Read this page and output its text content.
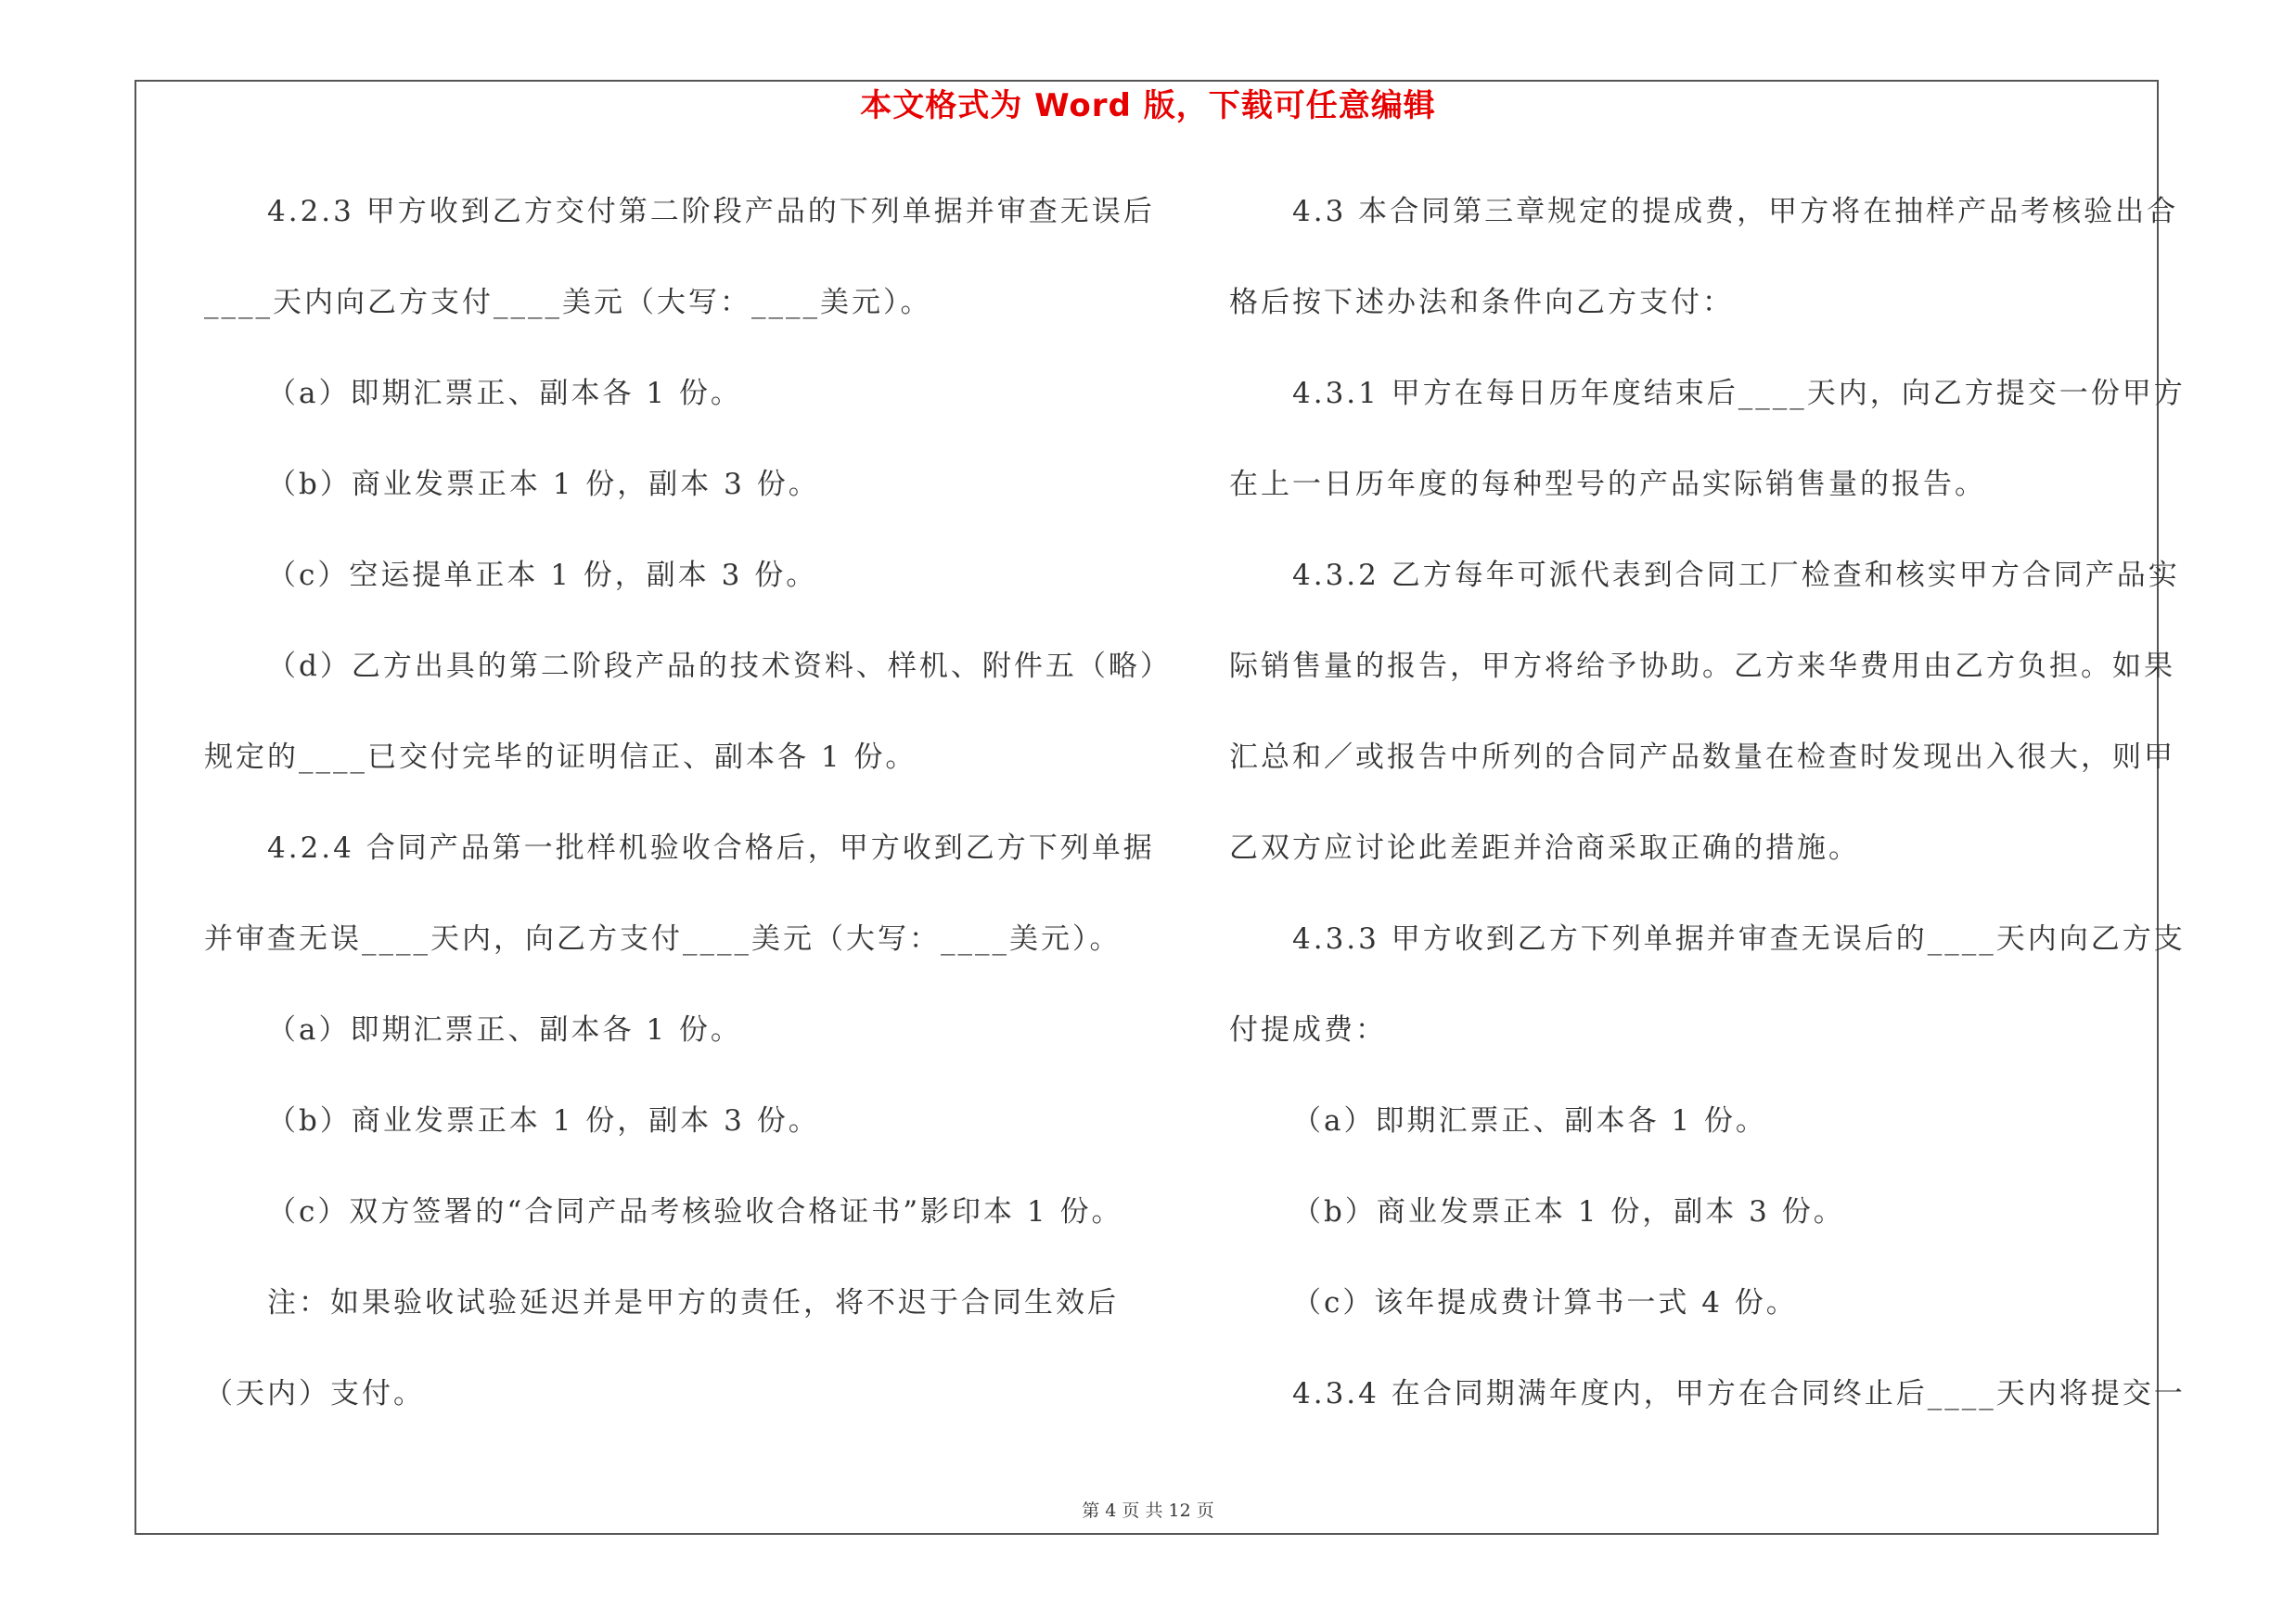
本文格式为 Word 版，下载可任意编辑
4.2.3 甲方收到乙方交付第二阶段产品的下列单据并审查无误后
____天内向乙方支付____美元（大写：____美元）。
（a）即期汇票正、副本各 1 份。
（b）商业发票正本 1 份，副本 3 份。
（c）空运提单正本 1 份，副本 3 份。
（d）乙方出具的第二阶段产品的技术资料、样机、附件五（略）
规定的____已交付完毕的证明信正、副本各 1 份。
4.2.4 合同产品第一批样机验收合格后，甲方收到乙方下列单据
并审查无误____天内，向乙方支付____美元（大写：____美元）。
（a）即期汇票正、副本各 1 份。
（b）商业发票正本 1 份，副本 3 份。
（c）双方签署的“合同产品考核验收合格证书”影印本 1 份。
注：如果验收试验延迟并是甲方的责任，将不迟于合同生效后
（天内）支付。
4.3 本合同第三章规定的提成费，甲方将在抽样产品考核验出合
格后按下述办法和条件向乙方支付：
4.3.1 甲方在每日历年度结束后____天内，向乙方提交一份甲方
在上一日历年度的每种型号的产品实际销售量的报告。
4.3.2 乙方每年可派代表到合同工厂检查和核实甲方合同产品实
际销售量的报告，甲方将给予协助。乙方来华费用由乙方负担。如果
汇总和／或报告中所列的合同产品数量在检查时发现出入很大，则甲
乙双方应讨论此差距并洽商采取正确的措施。
4.3.3 甲方收到乙方下列单据并审查无误后的____天内向乙方支
付提成费：
（a）即期汇票正、副本各 1 份。
（b）商业发票正本 1 份，副本 3 份。
（c）该年提成费计算书一式 4 份。
4.3.4 在合同期满年度内，甲方在合同终止后____天内将提交一
第 4 页 共 12 页
